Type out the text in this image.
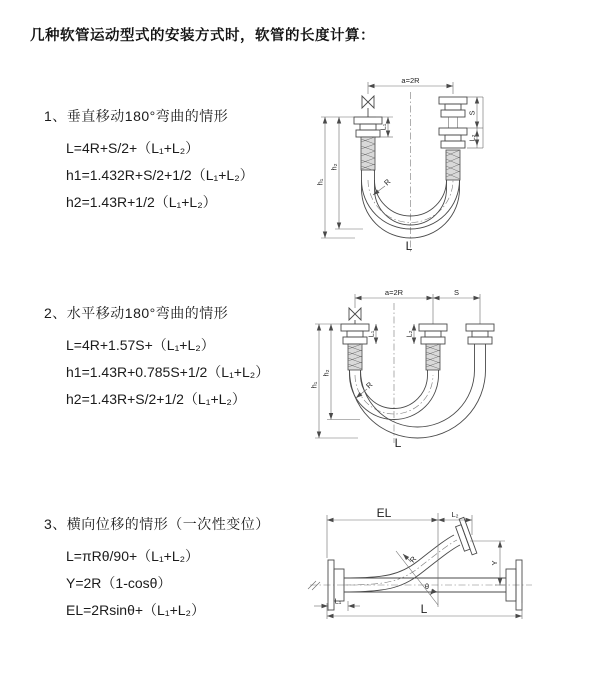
几种软管运动型式的安装方式时，软管的长度计算：
1、垂直移动180°弯曲的情形
L=4R+S/2+（L₁+L₂）
h1=1.432R+S/2+1/2（L₁+L₂）
h2=1.43R+1/2（L₁+L₂）
2、水平移动180°弯曲的情形
L=4R+1.57S+（L₁+L₂）
h1=1.43R+0.785S+1/2（L₁+L₂）
h2=1.43R+S/2+1/2（L₁+L₂）
3、横向位移的情形（一次性变位）
L=πRθ/90+（L₁+L₂）
Y=2R（1-cosθ）
EL=2Rsinθ+（L₁+L₂）
a=2R
L₁
h₁
h₂
S
L₂
R
L
a=2R	S
h₁
h₂
L₁	L₂
R
L
EL	L₂
Y
L
L₁
R
θ
